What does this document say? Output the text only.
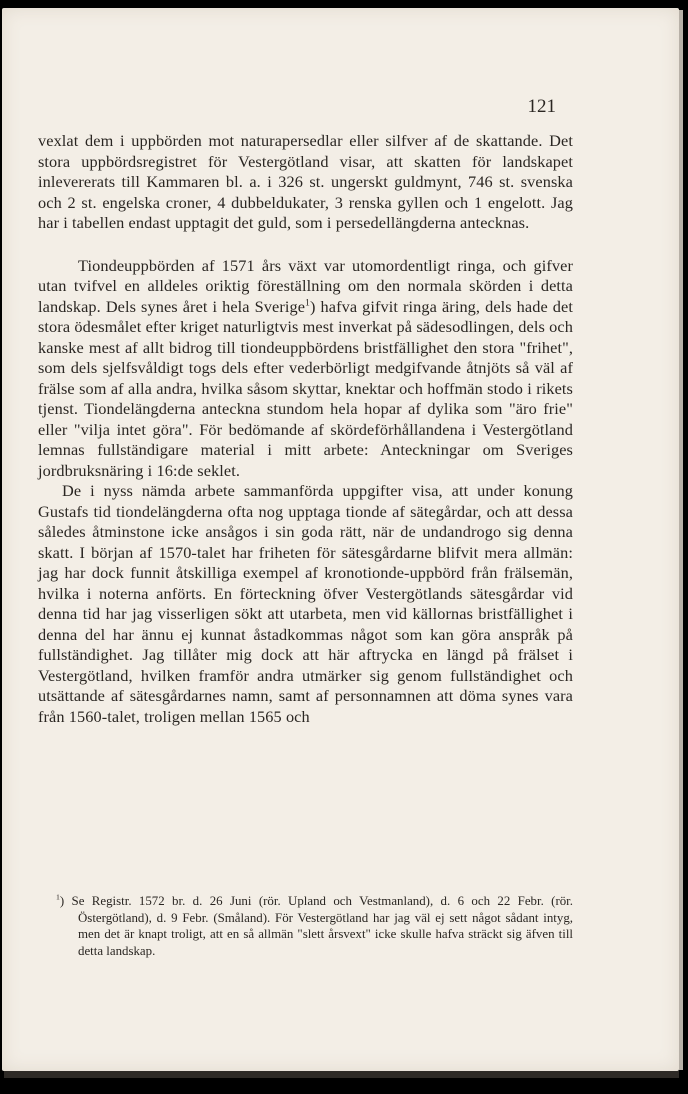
121

vexlat dem i uppbörden mot naturapersedlar eller silfver af de skattande. Det stora uppbördsregistret för Vestergötland visar, att skatten för landskapet inlevererats till Kammaren bl. a. i 326 st. ungerskt guldmynt, 746 st. svenska och 2 st. engelska croner, 4 dubbeldukater, 3 renska gyllen och 1 engelott. Jag har i tabellen endast upptagit det guld, som i persedellängderna antecknas.

Tiondeuppbörden af 1571 års växt var utomordentligt ringa, och gifver utan tvifvel en alldeles oriktig föreställning om den normala skörden i detta landskap. Dels synes året i hela Sverige$^1$) hafva gifvit ringa äring, dels hade det stora ödesmålet efter kriget naturligtvis mest inverkat på sädesodlingen, dels och kanske mest af allt bidrog till tiondeuppbördens bristfällighet den stora "frihet", som dels sjelfsvåldigt togs dels efter vederbörligt medgifvande åtnjöts så väl af frälse som af alla andra, hvilka såsom skyttar, knektar och hoffmän stodo i rikets tjenst. Tiondelängderna anteckna stundom hela hopar af dylika som "äro frie" eller "vilja intet göra". För bedömande af skördeförhållandena i Vestergötland lemnas fullständigare material i mitt arbete: Anteckningar om Sveriges jordbruksnäring i 16:de seklet.

De i nyss nämda arbete sammanförda uppgifter visa, att under konung Gustafs tid tiondelängderna ofta nog upptaga tionde af sätegårdar, och att dessa således åtminstone icke ansågos i sin goda rätt, när de undandrogo sig denna skatt. I början af 1570-talet har friheten för sätesgårdarne blifvit mera allmän: jag har dock funnit åtskilliga exempel af kronotionde-uppbörd från frälsemän, hvilka i noterna anförts. En förteckning öfver Vestergötlands sätesgårdar vid denna tid har jag visserligen sökt att utarbeta, men vid källornas bristfällighet i denna del har ännu ej kunnat åstadkommas något som kan göra anspråk på fullständighet. Jag tillåter mig dock att här aftrycka en längd på frälset i Vestergötland, hvilken framför andra utmärker sig genom fullständighet och utsättande af sätesgårdarnes namn, samt af personnamnen att döma synes vara från 1560-talet, troligen mellan 1565 och

$^1$) Se Registr. 1572 br. d. 26 Juni (rör. Upland och Vestmanland), d. 6 och 22 Febr. (rör. Östergötland), d. 9 Febr. (Småland). För Vestergötland har jag väl ej sett något sådant intyg, men det är knapt troligt, att en så allmän "slett årsvext" icke skulle hafva sträckt sig äfven till detta landskap.
